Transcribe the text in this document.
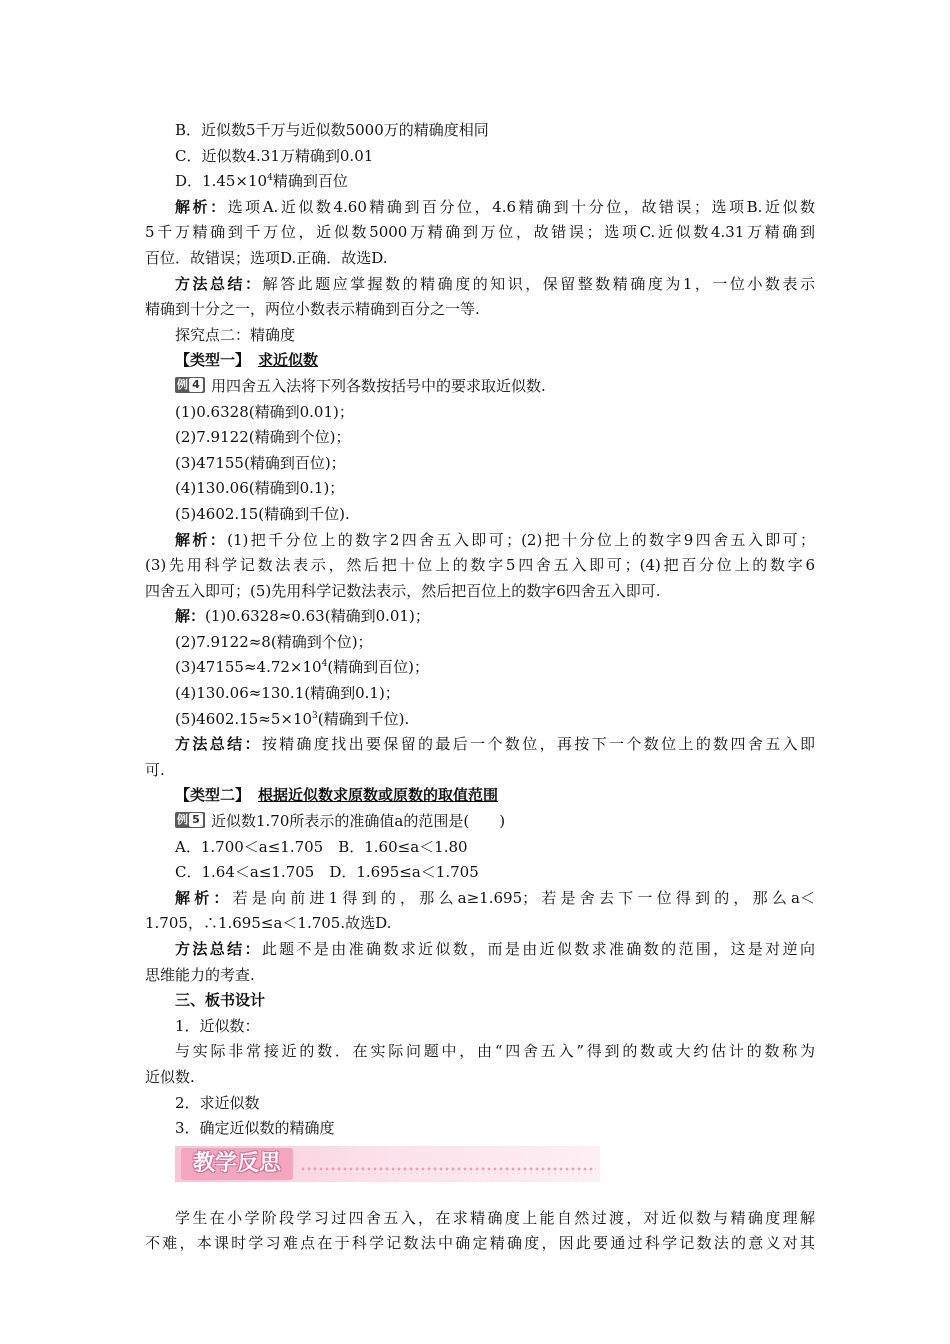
B．近似数5千万与近似数5000万的精确度相同
C．近似数4.31万精确到0.01
D．$1.45\times 10^4$精确到百位
解析：选项A.近似数4.60精确到百分位，4.6精确到十分位，故错误；选项B.近似数
5千万精确到千万位，近似数5000万精确到万位，故错误；选项C.近似数4.31万精确到
百位．故错误；选项D.正确．故选D.
方法总结：解答此题应掌握数的精确度的知识，保留整数精确度为1，一位小数表示
精确到十分之一，两位小数表示精确到百分之一等.
探究点二：精确度
【类型一】 求近似数
例 4 用四舍五入法将下列各数按括号中的要求取近似数.
(1)0.6328(精确到0.01)；
(2)7.9122(精确到个位)；
(3)47155(精确到百位)；
(4)130.06(精确到0.1)；
(5)4602.15(精确到千位).
解析：(1)把千分位上的数字2四舍五入即可；(2)把十分位上的数字9四舍五入即可；
(3)先用科学记数法表示，然后把十位上的数字5四舍五入即可；(4)把百分位上的数字6
四舍五入即可；(5)先用科学记数法表示，然后把百位上的数字6四舍五入即可.
解：(1)0.6328≈0.63(精确到0.01)；
(2)7.9122≈8(精确到个位)；
$(3)47155\approx 4.72\times 10^4$(精确到百位)；
(4)130.06≈130.1(精确到0.1)；
$(5)4602.15\approx 5\times 10^3$(精确到千位).
方法总结：按精确度找出要保留的最后一个数位，再按下一个数位上的数四舍五入即
可.
【类型二】 根据近似数求原数或原数的取值范围
例 5 近似数1.70所表示的准确值a的范围是(　　)
A．1.700＜a≤1.705　B．1.60≤a＜1.80
C．1.64＜a≤1.705　D．1.695≤a＜1.705
解析：若是向前进1得到的，那么a≥1.695；若是舍去下一位得到的，那么a＜
1.705，∴1.695≤a＜1.705.故选D.
方法总结：此题不是由准确数求近似数，而是由近似数求准确数的范围，这是对逆向
思维能力的考查.
三、板书设计
1．近似数：
与实际非常接近的数．在实际问题中，由“四舍五入”得到的数或大约估计的数称为
近似数.
2．求近似数
3．确定近似数的精确度
教学反思
学生在小学阶段学习过四舍五入，在求精确度上能自然过渡，对近似数与精确度理解
不难，本课时学习难点在于科学记数法中确定精确度，因此要通过科学记数法的意义对其
